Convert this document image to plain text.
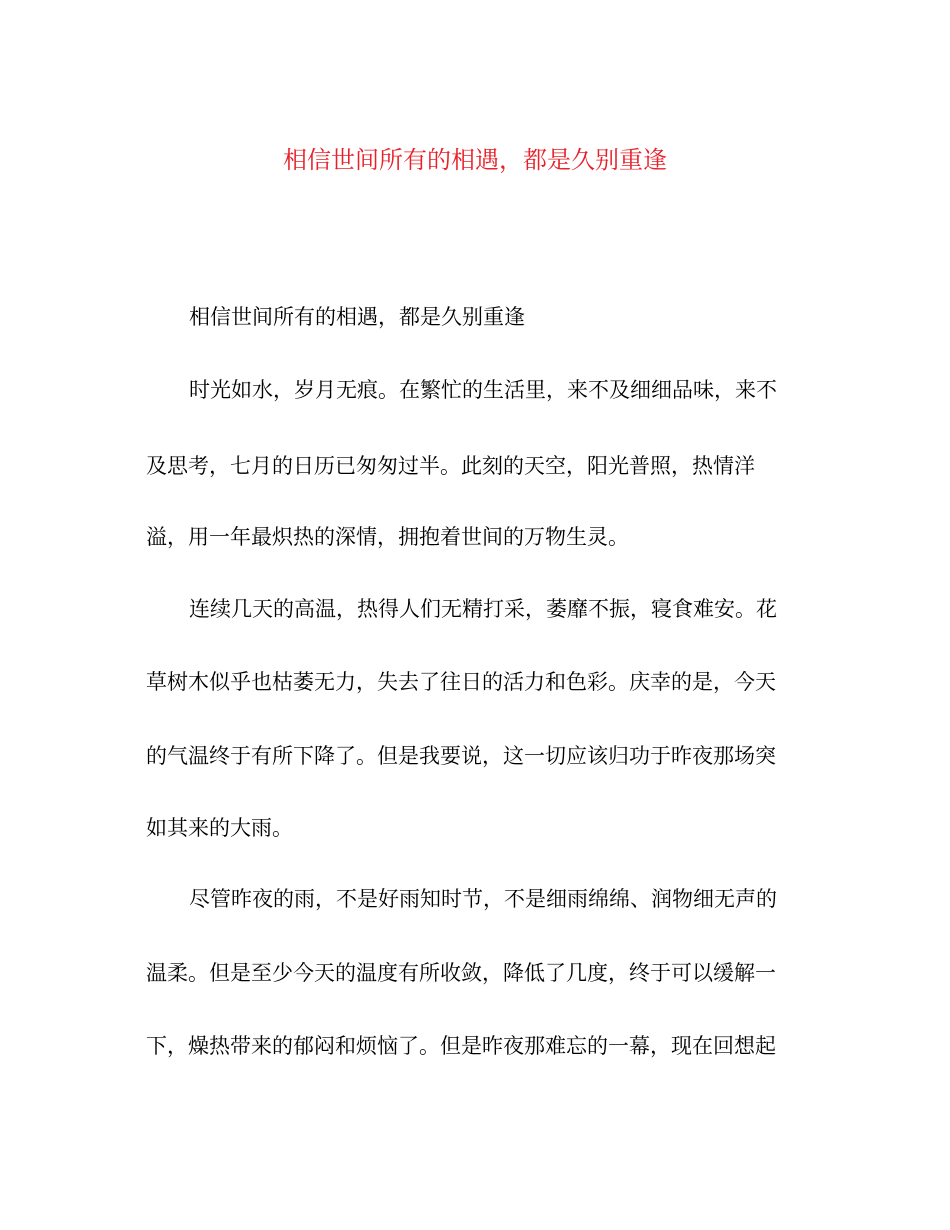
相信世间所有的相遇，都是久别重逢
相信世间所有的相遇，都是久别重逢
时光如水，岁月无痕。在繁忙的生活里，来不及细细品味，来不
及思考，七月的日历已匆匆过半。此刻的天空，阳光普照，热情洋
溢，用一年最炽热的深情，拥抱着世间的万物生灵。
连续几天的高温，热得人们无精打采，萎靡不振，寝食难安。花
草树木似乎也枯萎无力，失去了往日的活力和色彩。庆幸的是，今天
的气温终于有所下降了。但是我要说，这一切应该归功于昨夜那场突
如其来的大雨。
尽管昨夜的雨，不是好雨知时节，不是细雨绵绵、润物细无声的
温柔。但是至少今天的温度有所收敛，降低了几度，终于可以缓解一
下，燥热带来的郁闷和烦恼了。但是昨夜那难忘的一幕，现在回想起
